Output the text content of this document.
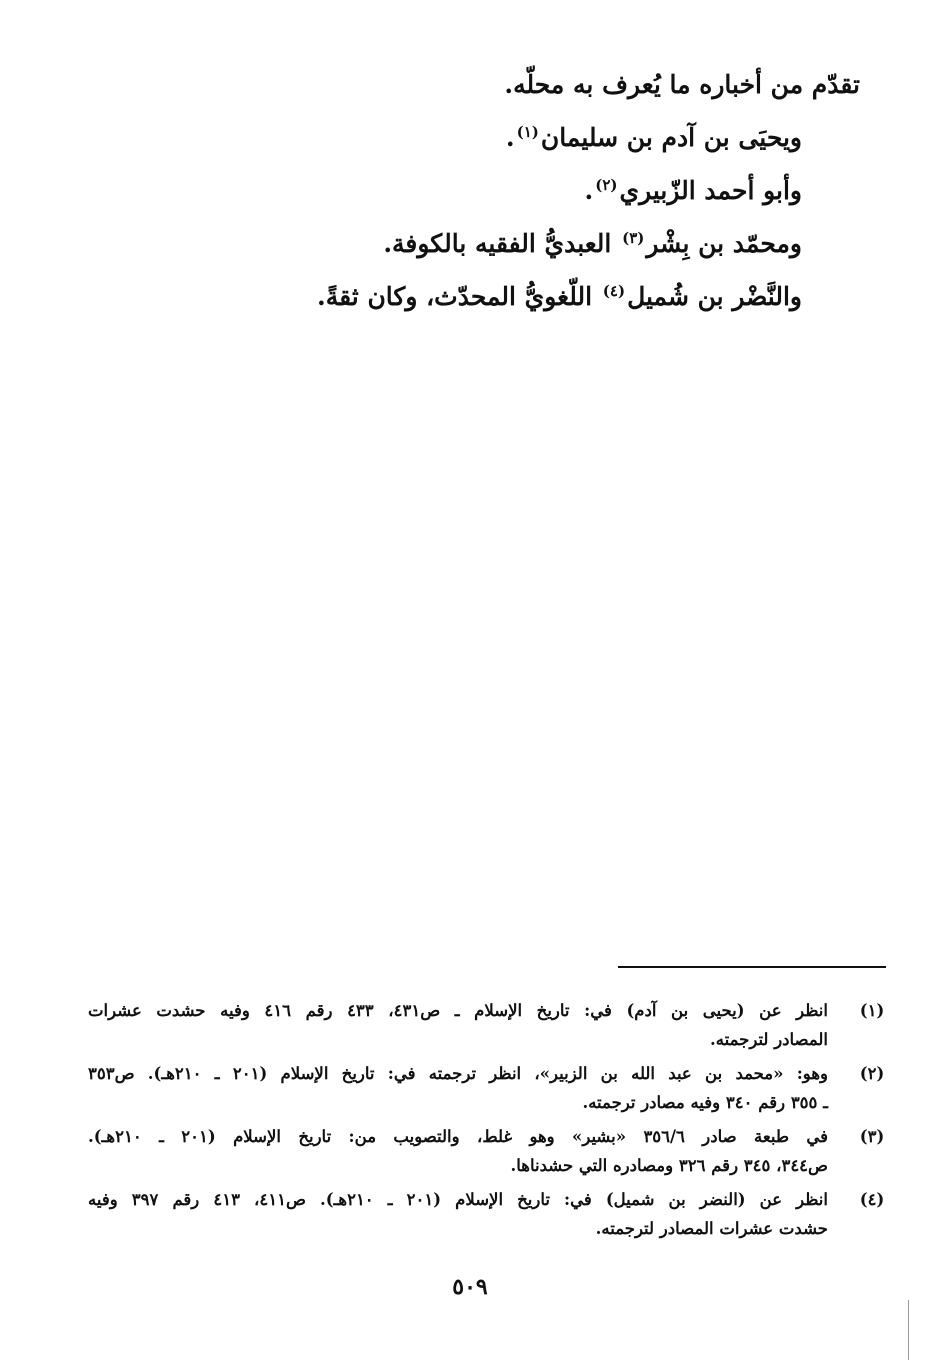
تقدّم من أخباره ما يُعرف به محلّه.
ويحيَى بن آدم بن سليمان$^{(١)}$.
وأبو أحمد الزّبيري$^{(٢)}$.
ومحمّد بن بِشْر$^{(٣)}$ العبديُّ الفقيه بالكوفة.
والنَّضْر بن شُميل$^{(٤)}$ اللّغويُّ المحدّث، وكان ثقةً.
(١)
انظر عن (يحيى بن آدم) في: تاريخ الإسلام ـ ص٤٣١، ٤٣٣ رقم ٤١٦ وفيه حشدت عشرات
المصادر لترجمته.
(٢)
وهو: «محمد بن عبد الله بن الزبير»، انظر ترجمته في: تاريخ الإسلام (٢٠١ ـ ٢١٠هـ). ص٣٥٣
ـ ٣٥٥ رقم ٣٤٠ وفيه مصادر ترجمته.
(٣)
في طبعة صادر ٣٥٦/٦ «بشير» وهو غلط، والتصويب من: تاريخ الإسلام (٢٠١ ـ ٢١٠هـ).
ص٣٤٤، ٣٤٥ رقم ٣٢٦ ومصادره التي حشدناها.
(٤)
انظر عن (النضر بن شميل) في: تاريخ الإسلام (٢٠١ ـ ٢١٠هـ). ص٤١١، ٤١٣ رقم ٣٩٧ وفيه
حشدت عشرات المصادر لترجمته.
٥٠٩
